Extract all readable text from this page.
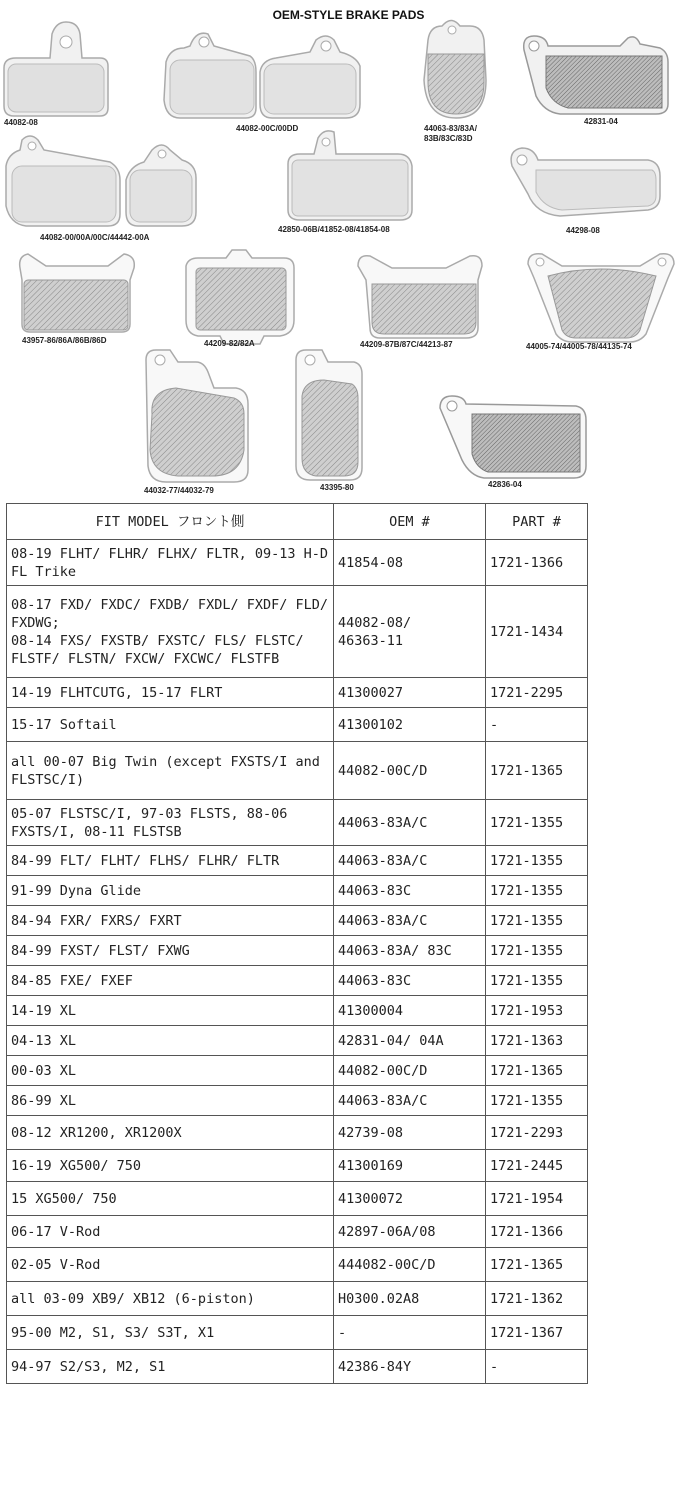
OEM-STYLE BRAKE PADS
44082-08
44082-00C/00DD	44063-83/83A/
83B/83C/83D
42831-04
44082-00/00A/00C/44442-00A
42850-06B/41852-08/41854-08	44298-08
43957-86/86A/86B/86D	44209-82/82A	44209-87B/87C/44213-87	44005-74/44005-78/44135-74
44032-77/44032-79	43395-80	42836-04
FIT MODEL フロント側	OEM #	PART #

08-19 FLHT/ FLHR/ FLHX/ FLTR, 09-13 H-D FL Trike	41854-08	1721-1366

08-17 FXD/ FXDC/ FXDB/ FXDL/ FXDF/ FLD/ FXDWG;
08-14 FXS/ FXSTB/ FXSTC/ FLS/ FLSTC/ FLSTF/ FLSTN/ FXCW/ FXCWC/ FLSTFB	44082-08/
46363-11	1721-1434

14-19 FLHTCUTG, 15-17 FLRT	41300027	1721-2295

15-17 Softail	41300102	-

all 00-07 Big Twin (except FXSTS/I and FLSTSC/I)	44082-00C/D	1721-1365

05-07 FLSTSC/I, 97-03 FLSTS, 88-06 FXSTS/I, 08-11 FLSTSB	44063-83A/C	1721-1355

84-99 FLT/ FLHT/ FLHS/ FLHR/ FLTR	44063-83A/C	1721-1355

91-99 Dyna Glide	44063-83C	1721-1355

84-94 FXR/ FXRS/ FXRT	44063-83A/C	1721-1355

84-99 FXST/ FLST/ FXWG	44063-83A/ 83C	1721-1355

84-85 FXE/ FXEF	44063-83C	1721-1355

14-19 XL	41300004	1721-1953

04-13 XL	42831-04/ 04A	1721-1363

00-03 XL	44082-00C/D	1721-1365

86-99 XL	44063-83A/C	1721-1355

08-12 XR1200, XR1200X	42739-08	1721-2293

16-19 XG500/ 750	41300169	1721-2445

15 XG500/ 750	41300072	1721-1954

06-17 V-Rod	42897-06A/08	1721-1366

02-05 V-Rod	444082-00C/D	1721-1365

all 03-09 XB9/ XB12 (6-piston)	H0300.02A8	1721-1362

95-00 M2, S1, S3/ S3T, X1	-	1721-1367

94-97 S2/S3, M2, S1	42386-84Y	-
